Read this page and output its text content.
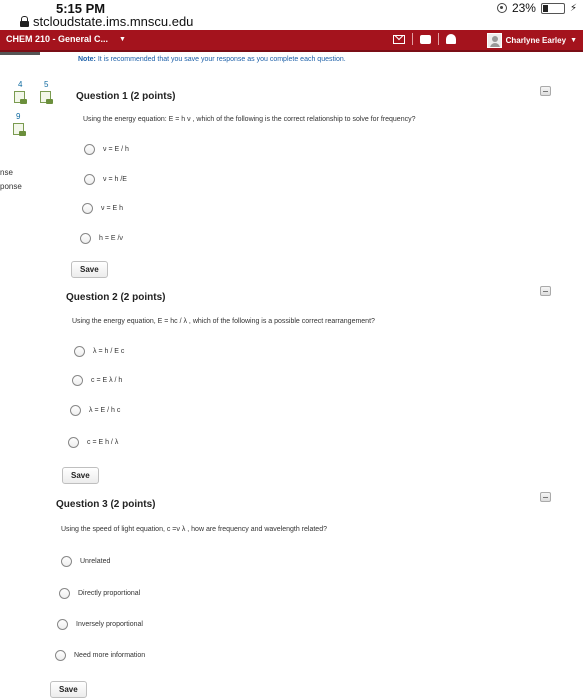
5:15 PM
stcloudstate.ims.mnscu.edu
23%	⚡
CHEM 210 - General C... ▼	Charlyne Earley ▼
4	5
9
nse
ponse
Note: It is recommended that you save your response as you complete each question.
Question 1 (2 points)
Using the energy equation: E = h ν , which of the following is the correct relationship to solve for frequency?
ν = E / h
ν = h /E
ν = E h
h = E /ν
Save
Question 2 (2 points)
Using the energy equation, E = hc / λ , which of the following is a possible correct rearrangement?
λ = h / E c
c = E λ / h
λ = E / h c
c = E h / λ
Save
Question 3 (2 points)
Using the speed of light equation, c =ν λ , how are frequency and wavelength related?
Unrelated
Directly proportional
Inversely proportional
Need more information
Save
